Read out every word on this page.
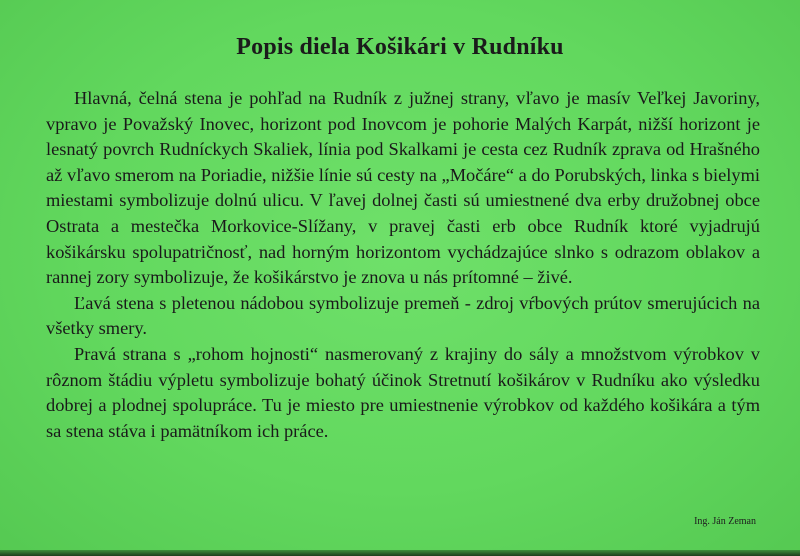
Popis diela Košikári v Rudníku

Hlavná, čelná stena je pohľad na Rudník z južnej strany, vľavo je masív Veľkej Javoriny, vpravo je Považský Inovec, horizont pod Inovcom je pohorie Malých Karpát, nižší horizont je lesnatý povrch Rudníckych Skaliek, línia pod Skalkami je cesta cez Rudník zprava od Hrašného až vľavo smerom na Poriadie, nižšie línie sú cesty na „Močáre“ a do Porubských, linka s bielymi miestami symbolizuje dolnú ulicu. V ľavej dolnej časti sú umiestnené dva erby družobnej obce Ostrata a mestečka Morkovice-Slížany, v pravej časti erb obce Rudník ktoré vyjadrujú košikársku spolupatričnosť, nad horným horizontom vychádzajúce slnko s odrazom oblakov a rannej zory symbolizuje, že košikárstvo je znova u nás prítomné – živé.

Ľavá stena s pletenou nádobou symbolizuje premeň - zdroj vŕbových prútov smerujúcich na všetky smery.

Pravá strana s „rohom hojnosti“ nasmerovaný z krajiny do sály a množstvom výrobkov v rôznom štádiu výpletu symbolizuje bohatý účinok Stretnutí košikárov v Rudníku ako výsledku dobrej a plodnej spolupráce. Tu je miesto pre umiestnenie výrobkov od každého košikára a tým sa stena stáva i pamätníkom ich práce.

Ing. Ján Zeman
